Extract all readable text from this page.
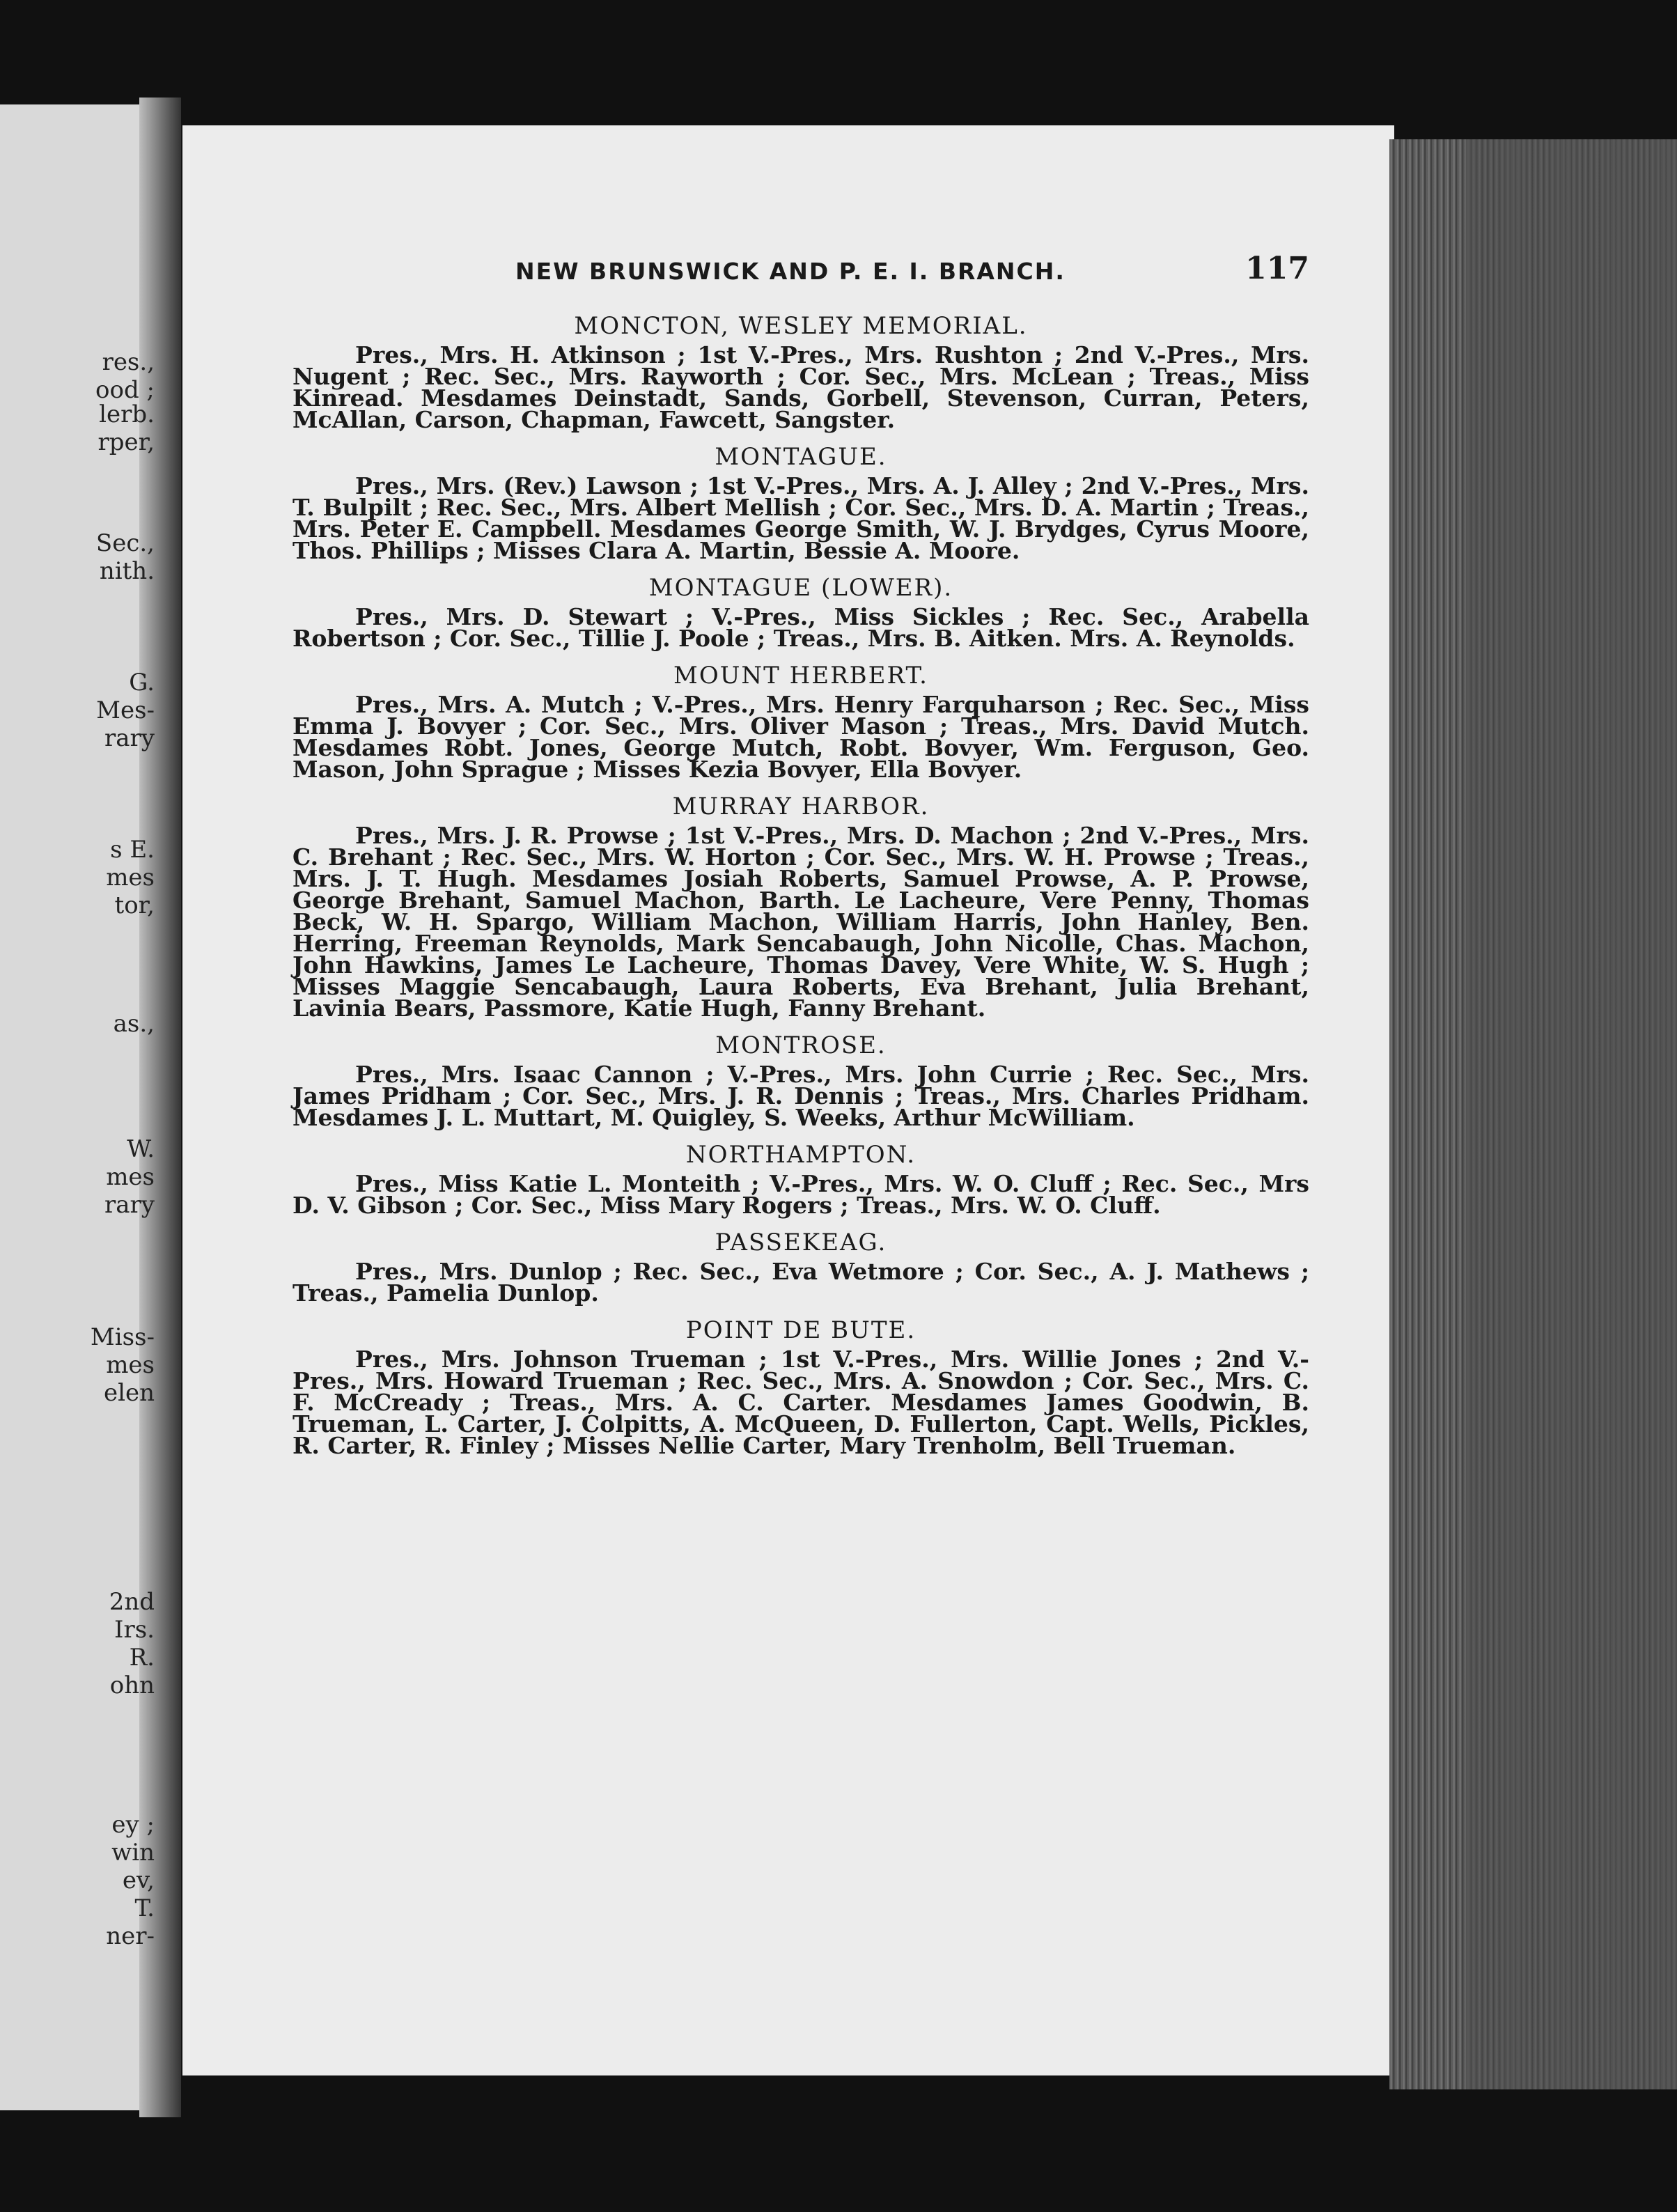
res.,
ood ;
lerb.
rper,
Sec.,
nith.
G.
Mes-
rary
s E.
mes
tor,
as.,
W.
mes
rary
Miss-
mes
elen
2nd
Irs.
R.
ohn
ey ;
win
ev,
T.
ner-
NEW BRUNSWICK AND P. E. I. BRANCH.	117
MONCTON, WESLEY MEMORIAL.
Pres., Mrs. H. Atkinson ; 1st V.-Pres., Mrs. Rushton ; 2nd V.-Pres., Mrs. Nugent ; Rec. Sec., Mrs. Rayworth ; Cor. Sec., Mrs. McLean ; Treas., Miss Kinread. Mesdames Deinstadt, Sands, Gorbell, Stevenson, Curran, Peters, McAllan, Carson, Chapman, Fawcett, Sangster.
MONTAGUE.
Pres., Mrs. (Rev.) Lawson ; 1st V.-Pres., Mrs. A. J. Alley ; 2nd V.-Pres., Mrs. T. Bulpilt ; Rec. Sec., Mrs. Albert Mellish ; Cor. Sec., Mrs. D. A. Martin ; Treas., Mrs. Peter E. Campbell. Mesdames George Smith, W. J. Brydges, Cyrus Moore, Thos. Phillips ; Misses Clara A. Martin, Bessie A. Moore.
MONTAGUE (LOWER).
Pres., Mrs. D. Stewart ; V.-Pres., Miss Sickles ; Rec. Sec., Arabella Robertson ; Cor. Sec., Tillie J. Poole ; Treas., Mrs. B. Aitken. Mrs. A. Reynolds.
MOUNT HERBERT.
Pres., Mrs. A. Mutch ; V.-Pres., Mrs. Henry Farquharson ; Rec. Sec., Miss Emma J. Bovyer ; Cor. Sec., Mrs. Oliver Mason ; Treas., Mrs. David Mutch. Mesdames Robt. Jones, George Mutch, Robt. Bovyer, Wm. Ferguson, Geo. Mason, John Sprague ; Misses Kezia Bovyer, Ella Bovyer.
MURRAY HARBOR.
Pres., Mrs. J. R. Prowse ; 1st V.-Pres., Mrs. D. Machon ; 2nd V.-Pres., Mrs. C. Brehant ; Rec. Sec., Mrs. W. Horton ; Cor. Sec., Mrs. W. H. Prowse ; Treas., Mrs. J. T. Hugh. Mesdames Josiah Roberts, Samuel Prowse, A. P. Prowse, George Brehant, Samuel Machon, Barth. Le Lacheure, Vere Penny, Thomas Beck, W. H. Spargo, William Machon, William Harris, John Hanley, Ben. Herring, Freeman Reynolds, Mark Sencabaugh, John Nicolle, Chas. Machon, John Hawkins, James Le Lacheure, Thomas Davey, Vere White, W. S. Hugh ; Misses Maggie Sencabaugh, Laura Roberts, Eva Brehant, Julia Brehant, Lavinia Bears, Passmore, Katie Hugh, Fanny Brehant.
MONTROSE.
Pres., Mrs. Isaac Cannon ; V.-Pres., Mrs. John Currie ; Rec. Sec., Mrs. James Pridham ; Cor. Sec., Mrs. J. R. Dennis ; Treas., Mrs. Charles Pridham. Mesdames J. L. Muttart, M. Quigley, S. Weeks, Arthur McWilliam.
NORTHAMPTON.
Pres., Miss Katie L. Monteith ; V.-Pres., Mrs. W. O. Cluff ; Rec. Sec., Mrs D. V. Gibson ; Cor. Sec., Miss Mary Rogers ; Treas., Mrs. W. O. Cluff.
PASSEKEAG.
Pres., Mrs. Dunlop ; Rec. Sec., Eva Wetmore ; Cor. Sec., A. J. Mathews ; Treas., Pamelia Dunlop.
POINT DE BUTE.
Pres., Mrs. Johnson Trueman ; 1st V.-Pres., Mrs. Willie Jones ; 2nd V.-Pres., Mrs. Howard Trueman ; Rec. Sec., Mrs. A. Snowdon ; Cor. Sec., Mrs. C. F. McCready ; Treas., Mrs. A. C. Carter. Mesdames James Goodwin, B. Trueman, L. Carter, J. Colpitts, A. McQueen, D. Fullerton, Capt. Wells, Pickles, R. Carter, R. Finley ; Misses Nellie Carter, Mary Trenholm, Bell Trueman.
